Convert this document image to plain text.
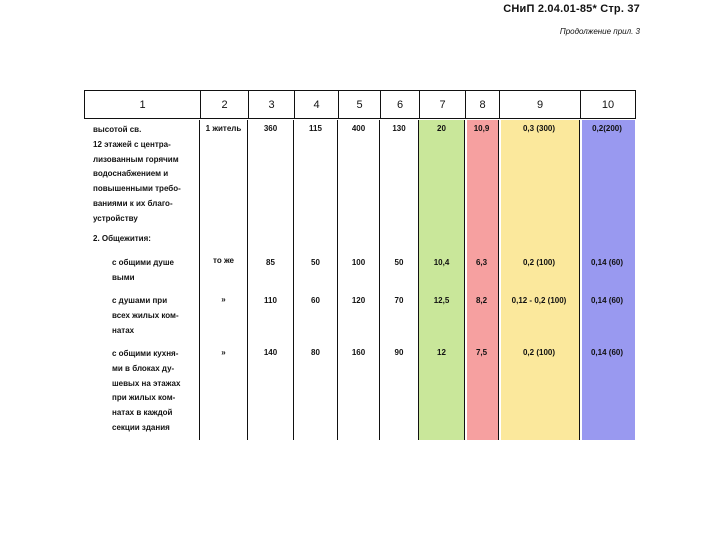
СНиП 2.04.01-85* Стр. 37
Продолжение прил. 3
1	2	3	4	5	6	7	8	9	10
высотой св.
12 этажей с центра-
лизованным горячим
водоснабжением и
повышенными требо-
ваниями к их благо-
устройству
1 житель	360	115	400	130	20	10,9	0,3 (300)	0,2(200)
2. Общежития:
с общими душе
выми
то же	85	50	100	50	10,4	6,3	0,2 (100)	0,14 (60)
с душами при
всех жилых ком-
натах
»	110	60	120	70	12,5	8,2	0,12 - 0,2 (100)	0,14 (60)
с общими кухня-
ми в блоках ду-
шевых на этажах
при жилых ком-
натах в каждой
секции здания
»	140	80	160	90	12	7,5	0,2 (100)	0,14 (60)
